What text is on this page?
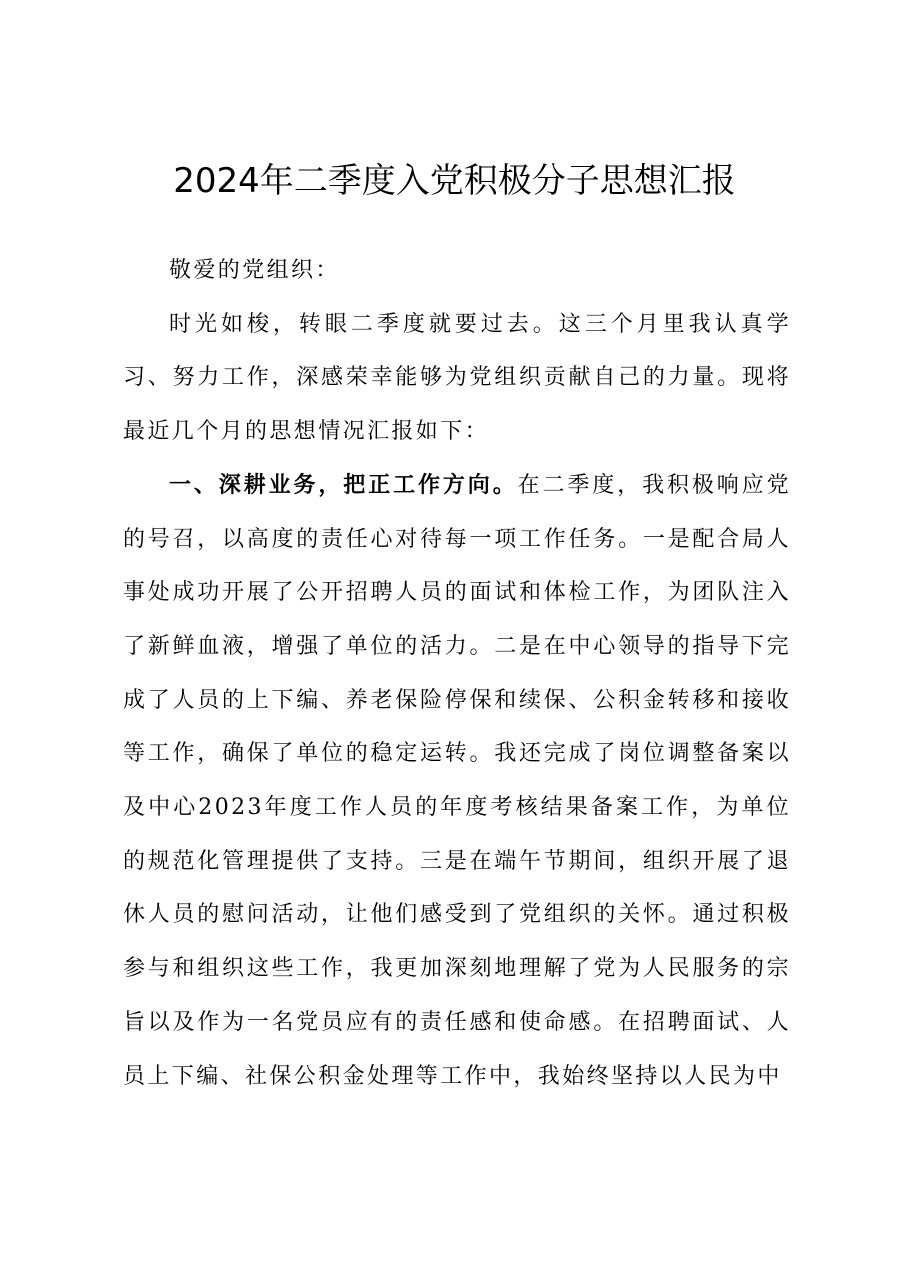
2024年二季度入党积极分子思想汇报

敬爱的党组织：

时光如梭，转眼二季度就要过去。这三个月里我认真学习、努力工作，深感荣幸能够为党组织贡献自己的力量。现将最近几个月的思想情况汇报如下：

一、深耕业务，把正工作方向。在二季度，我积极响应党的号召，以高度的责任心对待每一项工作任务。一是配合局人事处成功开展了公开招聘人员的面试和体检工作，为团队注入了新鲜血液，增强了单位的活力。二是在中心领导的指导下完成了人员的上下编、养老保险停保和续保、公积金转移和接收等工作，确保了单位的稳定运转。我还完成了岗位调整备案以及中心2023年度工作人员的年度考核结果备案工作，为单位的规范化管理提供了支持。三是在端午节期间，组织开展了退休人员的慰问活动，让他们感受到了党组织的关怀。通过积极参与和组织这些工作，我更加深刻地理解了党为人民服务的宗旨以及作为一名党员应有的责任感和使命感。在招聘面试、人员上下编、社保公积金处理等工作中，我始终坚持以人民为中
